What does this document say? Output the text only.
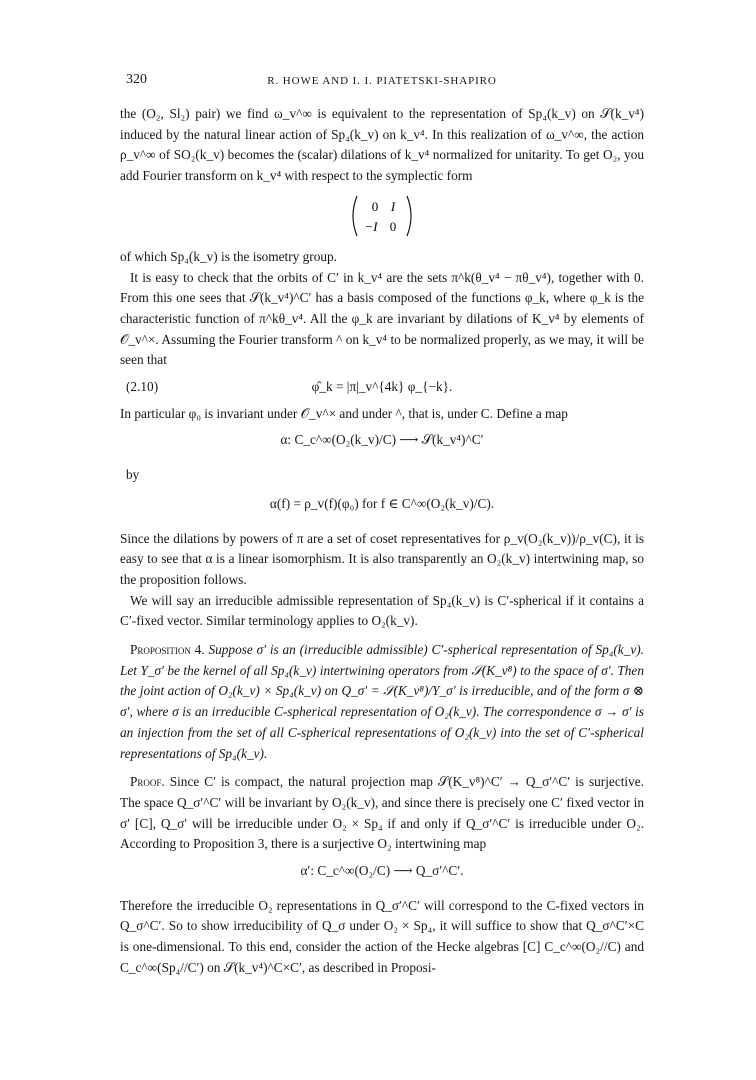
320	R. HOWE AND I. I. PIATETSKI-SHAPIRO

the (O₂, Sl₂) pair) we find ω_v^∞ is equivalent to the representation of Sp₄(k_v) on 𝒮(k_v⁴) induced by the natural linear action of Sp₄(k_v) on k_v⁴. In this realization of ω_v^∞, the action ρ_v^∞ of SO₂(k_v) becomes the (scalar) dilations of k_v⁴ normalized for unitarity. To get O₂, you add Fourier transform on k_v⁴ with respect to the symplectic form

0 I
−I 0

of which Sp₄(k_v) is the isometry group.

It is easy to check that the orbits of C′ in k_v⁴ are the sets π^k(θ_v⁴ − πθ_v⁴), together with 0. From this one sees that 𝒮(k_v⁴)^C′ has a basis composed of the functions φ_k, where φ_k is the characteristic function of π^kθ_v⁴. All the φ_k are invariant by dilations of K_v⁴ by elements of 𝒪_v^×. Assuming the Fourier transform ^ on k_v⁴ to be normalized properly, as we may, it will be seen that

(2.10)	φ̂_k = |π|_v^{4k} φ_{−k}.

In particular φ₀ is invariant under 𝒪_v^× and under ^, that is, under C. Define a map

α: C_c^∞(O₂(k_v)/C) ⟶ 𝒮(k_v⁴)^C′
by
α(f) = ρ_v(f)(φ₀) for f ∈ C^∞(O₂(k_v)/C).

Since the dilations by powers of π are a set of coset representatives for ρ_v(O₂(k_v))/ρ_v(C), it is easy to see that α is a linear isomorphism. It is also transparently an O₂(k_v) intertwining map, so the proposition follows.

We will say an irreducible admissible representation of Sp₄(k_v) is C′-spherical if it contains a C′-fixed vector. Similar terminology applies to O₂(k_v).

Proposition 4. Suppose σ′ is an (irreducible admissible) C′-spherical representation of Sp₄(k_v). Let Y_σ′ be the kernel of all Sp₄(k_v) intertwining operators from 𝒮(K_v⁸) to the space of σ′. Then the joint action of O₂(k_v) × Sp₄(k_v) on Q_σ′ = 𝒮(K_v⁸)/Y_σ′ is irreducible, and of the form σ ⊗ σ′, where σ is an irreducible C-spherical representation of O₂(k_v). The correspondence σ → σ′ is an injection from the set of all C-spherical representations of O₂(k_v) into the set of C′-spherical representations of Sp₄(k_v).

Proof. Since C′ is compact, the natural projection map 𝒮(K_v⁸)^C′ → Q_σ′^C′ is surjective. The space Q_σ′^C′ will be invariant by O₂(k_v), and since there is precisely one C′ fixed vector in σ′ [C], Q_σ′ will be irreducible under O₂ × Sp₄ if and only if Q_σ′^C′ is irreducible under O₂. According to Proposition 3, there is a surjective O₂ intertwining map

α′: C_c^∞(O₂/C) ⟶ Q_σ′^C′.

Therefore the irreducible O₂ representations in Q_σ′^C′ will correspond to the C-fixed vectors in Q_σ^C′. So to show irreducibility of Q_σ under O₂ × Sp₄, it will suffice to show that Q_σ^C′×C is one-dimensional. To this end, consider the action of the Hecke algebras [C] C_c^∞(O₂//C) and C_c^∞(Sp₄//C′) on 𝒮(k_v⁴)^C×C′, as described in Proposi-
